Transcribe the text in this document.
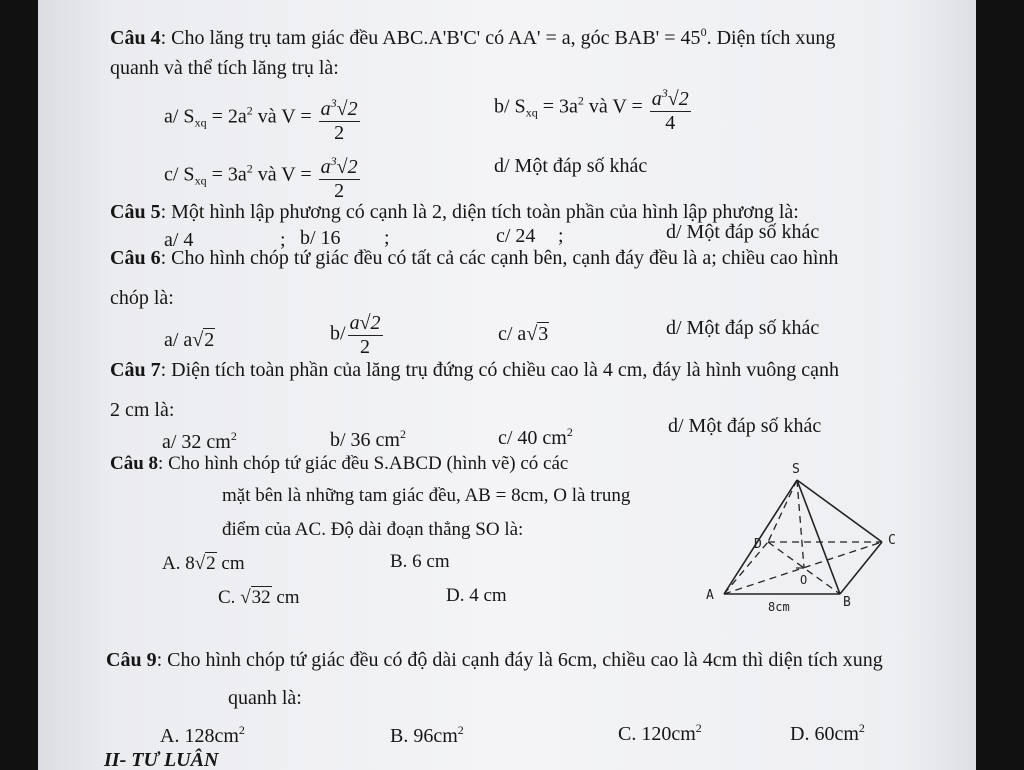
Câu 4: Cho lăng trụ tam giác đều ABC.A'B'C' có AA' = a, góc $BAB' = 45^0$. Diện tích xung
quanh và thể tích lăng trụ là:
a/ $S_{xq} = 2a^2$ và $V = \frac{a^3√2}{2}$	b/ $S_{xq} = 3a^2$ và $V = \frac{a^3√2}{4}$
c/ $S_{xq} = 3a^2$ và $V = \frac{a^3√2}{2}$	d/ Một đáp số khác
Câu 5: Một hình lập phương có cạnh là 2, diện tích toàn phần của hình lập phương là:
a/ 4	; b/ 16 ;	c/ 24 ;	d/ Một đáp số khác
Câu 6: Cho hình chóp tứ giác đều có tất cả các cạnh bên, cạnh đáy đều là a; chiều cao hình
chóp là:
a/ a√2	$b/ \frac{a√2}{2}$	c/ a√3	d/ Một đáp số khác
Câu 7: Diện tích toàn phần của lăng trụ đứng có chiều cao là 4 cm, đáy là hình vuông cạnh
2 cm là:
a/ 32 $cm^2$	b/ 36 $cm^2$	c/ 40 $cm^2$	d/ Một đáp số khác
Câu 8: Cho hình chóp tứ giác đều S.ABCD (hình vẽ) có các
mặt bên là những tam giác đều, AB = 8cm, O là trung
điểm của AC. Độ dài đoạn thẳng SO là:
A. 8√2 cm	B. 6 cm
C. √32 cm	D. 4 cm
S
A	B
C
D
O
8cm
Câu 9: Cho hình chóp tứ giác đều có độ dài cạnh đáy là 6cm, chiều cao là 4cm thì diện tích xung
quanh là:
A. $128cm^2$	B. $96cm^2$	C. $120cm^2$	D. $60cm^2$
II- TƯ LUÂN
